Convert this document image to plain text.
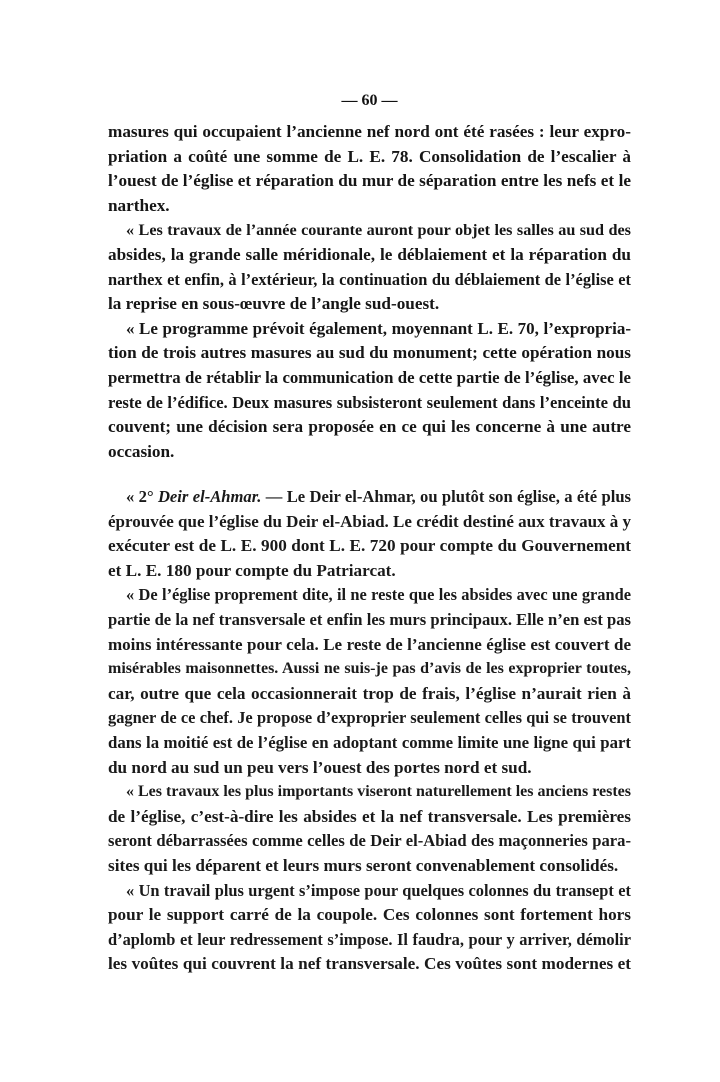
— 60 —
masures qui occupaient l’ancienne nef nord ont été rasées : leur expro-
priation a coûté une somme de L. E. 78. Consolidation de l’escalier à
l’ouest de l’église et réparation du mur de séparation entre les nefs et le
narthex.
« Les travaux de l’année courante auront pour objet les salles au sud des
absides, la grande salle méridionale, le déblaiement et la réparation du
narthex et enfin, à l’extérieur, la continuation du déblaiement de l’église et
la reprise en sous-œuvre de l’angle sud-ouest.
« Le programme prévoit également, moyennant L. E. 70, l’expropria-
tion de trois autres masures au sud du monument; cette opération nous
permettra de rétablir la communication de cette partie de l’église, avec le
reste de l’édifice. Deux masures subsisteront seulement dans l’enceinte du
couvent; une décision sera proposée en ce qui les concerne à une autre
occasion.
« 2° Deir el-Ahmar. — Le Deir el-Ahmar, ou plutôt son église, a été plus
éprouvée que l’église du Deir el-Abiad. Le crédit destiné aux travaux à y
exécuter est de L. E. 900 dont L. E. 720 pour compte du Gouvernement
et L. E. 180 pour compte du Patriarcat.
« De l’église proprement dite, il ne reste que les absides avec une grande
partie de la nef transversale et enfin les murs principaux. Elle n’en est pas
moins intéressante pour cela. Le reste de l’ancienne église est couvert de
misérables maisonnettes. Aussi ne suis-je pas d’avis de les exproprier toutes,
car, outre que cela occasionnerait trop de frais, l’église n’aurait rien à
gagner de ce chef. Je propose d’exproprier seulement celles qui se trouvent
dans la moitié est de l’église en adoptant comme limite une ligne qui part
du nord au sud un peu vers l’ouest des portes nord et sud.
« Les travaux les plus importants viseront naturellement les anciens restes
de l’église, c’est-à-dire les absides et la nef transversale. Les premières
seront débarrassées comme celles de Deir el-Abiad des maçonneries para-
sites qui les déparent et leurs murs seront convenablement consolidés.
« Un travail plus urgent s’impose pour quelques colonnes du transept et
pour le support carré de la coupole. Ces colonnes sont fortement hors
d’aplomb et leur redressement s’impose. Il faudra, pour y arriver, démolir
les voûtes qui couvrent la nef transversale. Ces voûtes sont modernes et
